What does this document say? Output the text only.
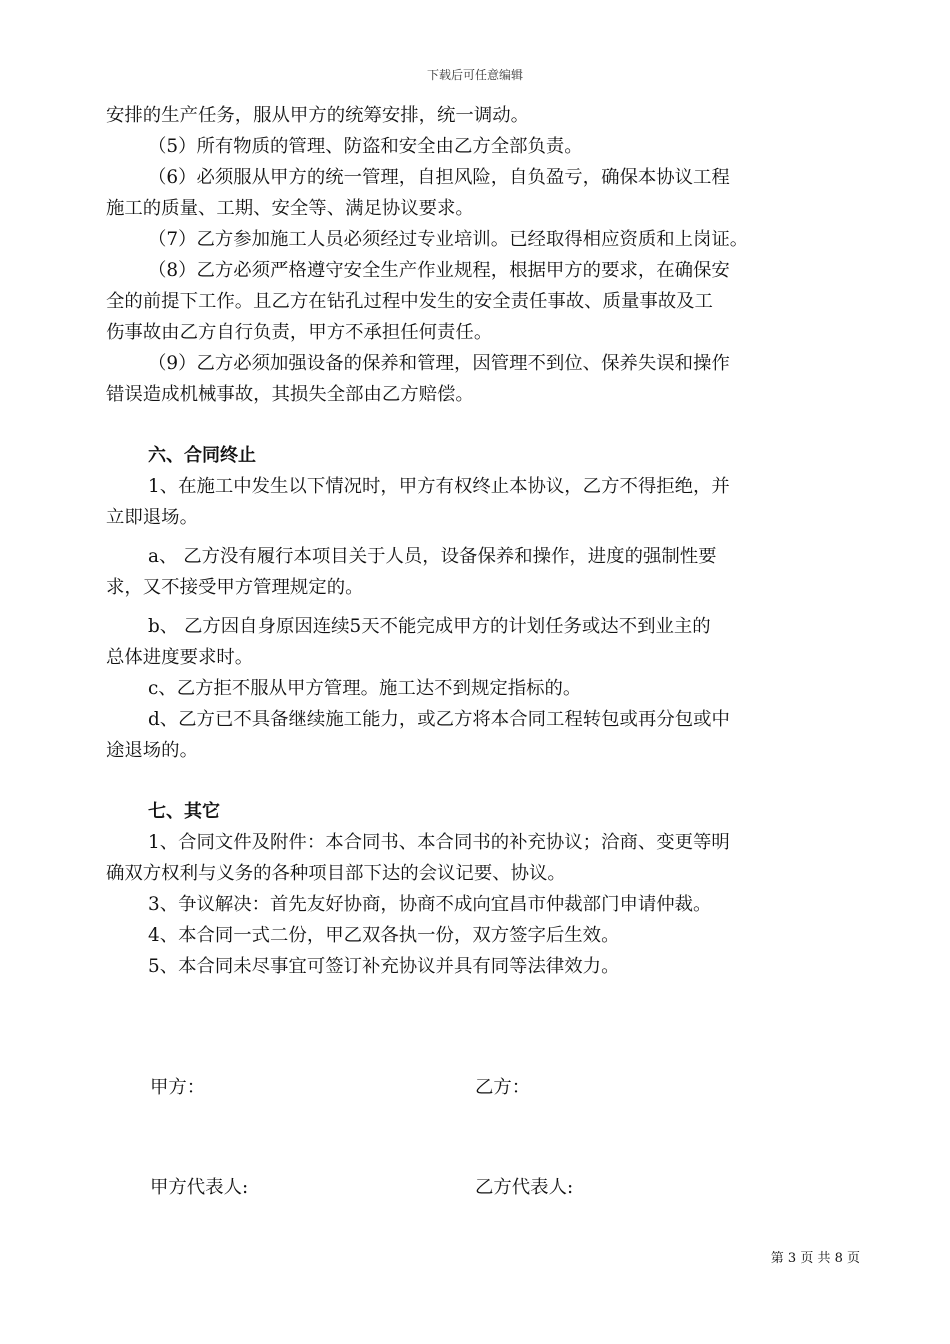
下载后可任意编辑
安排的生产任务，服从甲方的统筹安排，统一调动。
（5）所有物质的管理、防盗和安全由乙方全部负责。
（6）必须服从甲方的统一管理，自担风险，自负盈亏，确保本协议工程
施工的质量、工期、安全等、满足协议要求。
（7）乙方参加施工人员必须经过专业培训。已经取得相应资质和上岗证。
（8）乙方必须严格遵守安全生产作业规程，根据甲方的要求，在确保安
全的前提下工作。且乙方在钻孔过程中发生的安全责任事故、质量事故及工
伤事故由乙方自行负责，甲方不承担任何责任。
（9）乙方必须加强设备的保养和管理，因管理不到位、保养失误和操作
错误造成机械事故，其损失全部由乙方赔偿。
六、合同终止
1、在施工中发生以下情况时，甲方有权终止本协议，乙方不得拒绝，并
立即退场。
a、 乙方没有履行本项目关于人员，设备保养和操作，进度的强制性要
求，又不接受甲方管理规定的。
b、 乙方因自身原因连续5天不能完成甲方的计划任务或达不到业主的
总体进度要求时。
c、乙方拒不服从甲方管理。施工达不到规定指标的。
d、乙方已不具备继续施工能力，或乙方将本合同工程转包或再分包或中
途退场的。
七、其它
1、合同文件及附件：本合同书、本合同书的补充协议；洽商、变更等明
确双方权利与义务的各种项目部下达的会议记要、协议。
3、争议解决：首先友好协商，协商不成向宜昌市仲裁部门申请仲裁。
4、本合同一式二份，甲乙双各执一份，双方签字后生效。
5、本合同未尽事宜可签订补充协议并具有同等法律效力。
甲方：	乙方：
甲方代表人:	乙方代表人:
第 3 页 共 8 页
